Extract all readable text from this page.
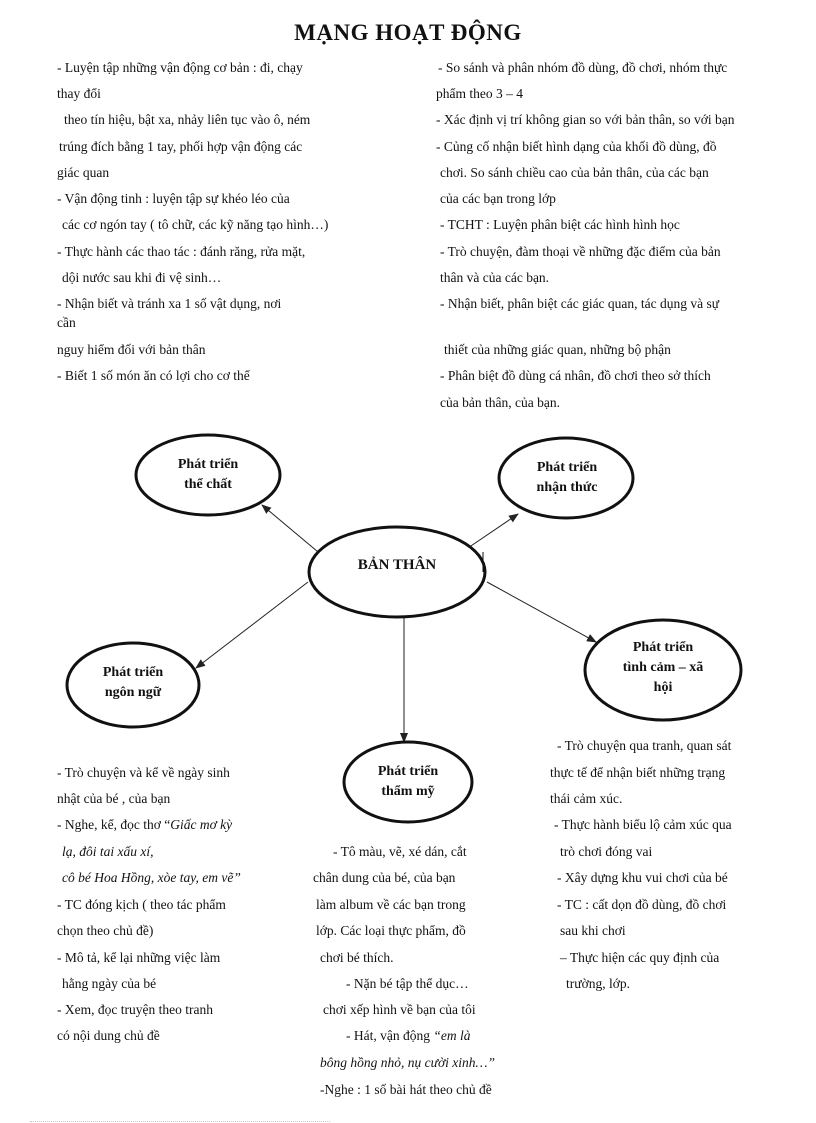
MẠNG HOẠT ĐỘNG
- Luyện tập những vận động cơ bản : đi, chạy
thay đổi
theo tín hiệu, bật xa, nhảy liên tục vào ô, ném
trúng đích bằng 1 tay, phối hợp vận động các
giác quan
- Vận động tinh : luyện tập sự khéo léo của
các cơ ngón tay ( tô chữ, các kỹ năng tạo hình…)
- Thực hành các thao tác : đánh răng, rửa mặt,
dội nước sau khi đi vệ sinh…
- Nhận biết và tránh xa 1 số vật dụng, nơi
cần
nguy hiểm đối với bản thân
- Biết 1 số món ăn có lợi cho cơ thể
- So sánh và phân nhóm đồ dùng, đồ chơi, nhóm thực
phẩm theo 3 – 4
- Xác định vị trí không gian so với bản thân, so với bạn
- Củng cố nhận biết hình dạng của khối đồ dùng, đồ
chơi. So sánh chiều cao của bản thân, của các bạn
của các bạn trong lớp
- TCHT : Luyện phân biệt các hình hình học
- Trò chuyện, đàm thoại về những đặc điểm của bản
thân và của các bạn.
- Nhận biết, phân biệt các giác quan, tác dụng và sự
thiết của những giác quan, những bộ phận
- Phân biệt đồ dùng cá nhân, đồ chơi theo sở thích
của bản thân, của bạn.
Phát triển
thể chất
Phát triển
nhận thức
BẢN THÂN
Phát triển
ngôn ngữ
Phát triển
tình cảm – xã
hội
Phát triển
thẩm mỹ
- Trò chuyện và kể về ngày sinh
nhật của bé , của bạn
- Nghe, kể, đọc thơ “Giấc mơ kỳ
lạ, đôi tai xấu xí,
cô bé Hoa Hồng, xòe tay, em vẽ”
- TC đóng kịch ( theo tác phẩm
chọn theo chủ đề)
- Mô tả, kể lại những việc làm
hằng ngày của bé
- Xem, đọc truyện theo tranh
có nội dung chủ đề
- Tô màu, vẽ, xé dán, cắt
chân dung của bé, của bạn
làm album về các bạn trong
lớp. Các loại thực phẩm, đồ
chơi bé thích.
- Nặn bé tập thể dục…
chơi xếp hình về bạn của tôi
- Hát, vận động “em là
bông hồng nhỏ, nụ cười xinh…”
-Nghe : 1 số bài hát theo chủ đề
- Trò chuyện qua tranh, quan sát
thực tế để nhận biết những trạng
thái cảm xúc.
- Thực hành biểu lộ cảm xúc qua
trò chơi đóng vai
- Xây dựng khu vui chơi của bé
- TC : cất dọn đồ dùng, đồ chơi
sau khi chơi
– Thực hiện các quy định của
trường, lớp.
